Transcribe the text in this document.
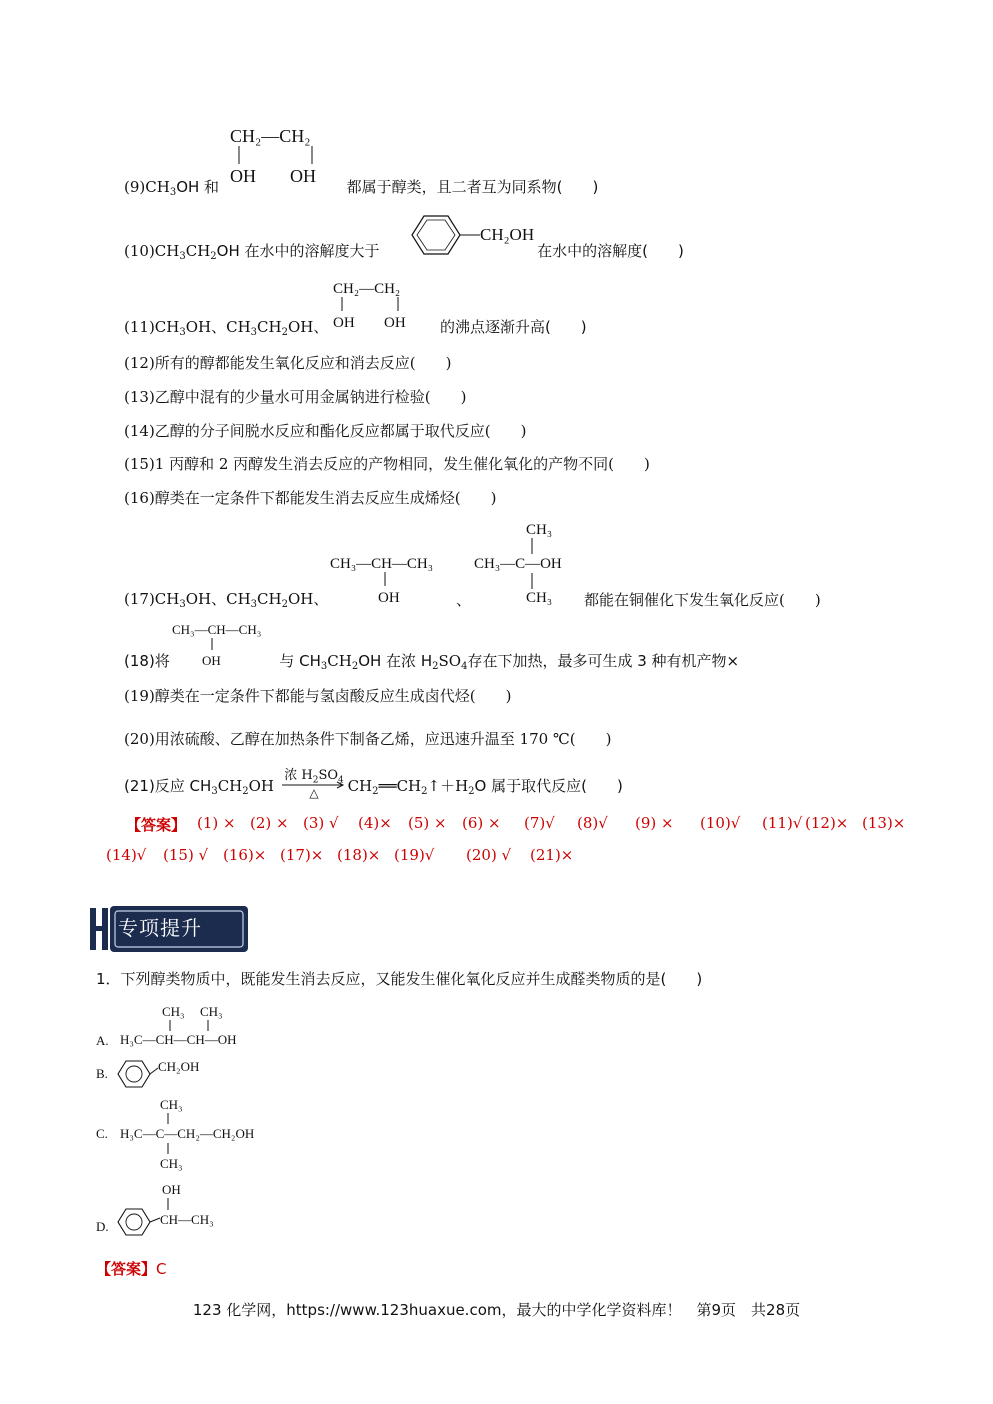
$(9)CH_3OH$ 和	都属于醇类，且二者互为同系物(　　)
CH₂—CH₂
OH OH
$(10)CH_3CH_2OH$ 在水中的溶解度大于	在水中的溶解度(　　)
CH₂OH
$(11)CH_3OH$、$CH_3CH_2OH$、	的沸点逐渐升高(　　)
CH₂—CH₂
OH OH
(12)所有的醇都能发生氧化反应和消去反应(　　)
(13)乙醇中混有的少量水可用金属钠进行检验(　　)
(14)乙醇的分子间脱水反应和酯化反应都属于取代反应(　　)
(15)1 丙醇和 2 丙醇发生消去反应的产物相同，发生催化氧化的产物不同(　　)
(16)醇类在一定条件下都能发生消去反应生成烯烃(　　)
$(17)CH_3OH$、$CH_3CH_2OH$、	、	都能在铜催化下发生氧化反应(　　)
CH₃—CH—CH₃
OH
CH₃
CH₃—C—OH
CH₃
(18)将	与 $CH_3CH_2OH$ 在浓 $H_2SO_4$存在下加热，最多可生成 3 种有机产物×
CH₃—CH—CH₃
OH
(19)醇类在一定条件下都能与氢卤酸反应生成卤代烃(　　)
(20)用浓硫酸、乙醇在加热条件下制备乙烯，应迅速升温至 170 ℃(　　)
(21)反应 $CH_3CH_2OH$	$CH_2══CH_2↑+H_2O$ 属于取代反应(　　)
浓 $H_2SO_4$
△
【答案】 (1) × (2) × (3) √ (4)× (5) × (6) × (7)√ (8)√ (9) × (10)√ (11)√ (12)× (13)×
(14)√ (15) √ (16)× (17)× (18)× (19)√ (20) √ (21)×
专项提升
1．下列醇类物质中，既能发生消去反应，又能发生催化氧化反应并生成醛类物质的是(　　)
A.
CH₃ CH₃
H₃C—CH—CH—OH
B.	CH₂OH
C.
CH₃
H₃C—C—CH₂—CH₂OH
CH₃
D.
OH
CH—CH₃
【答案】C
123 化学网，https://www.123huaxue.com，最大的中学化学资料库！　第9页　共28页
